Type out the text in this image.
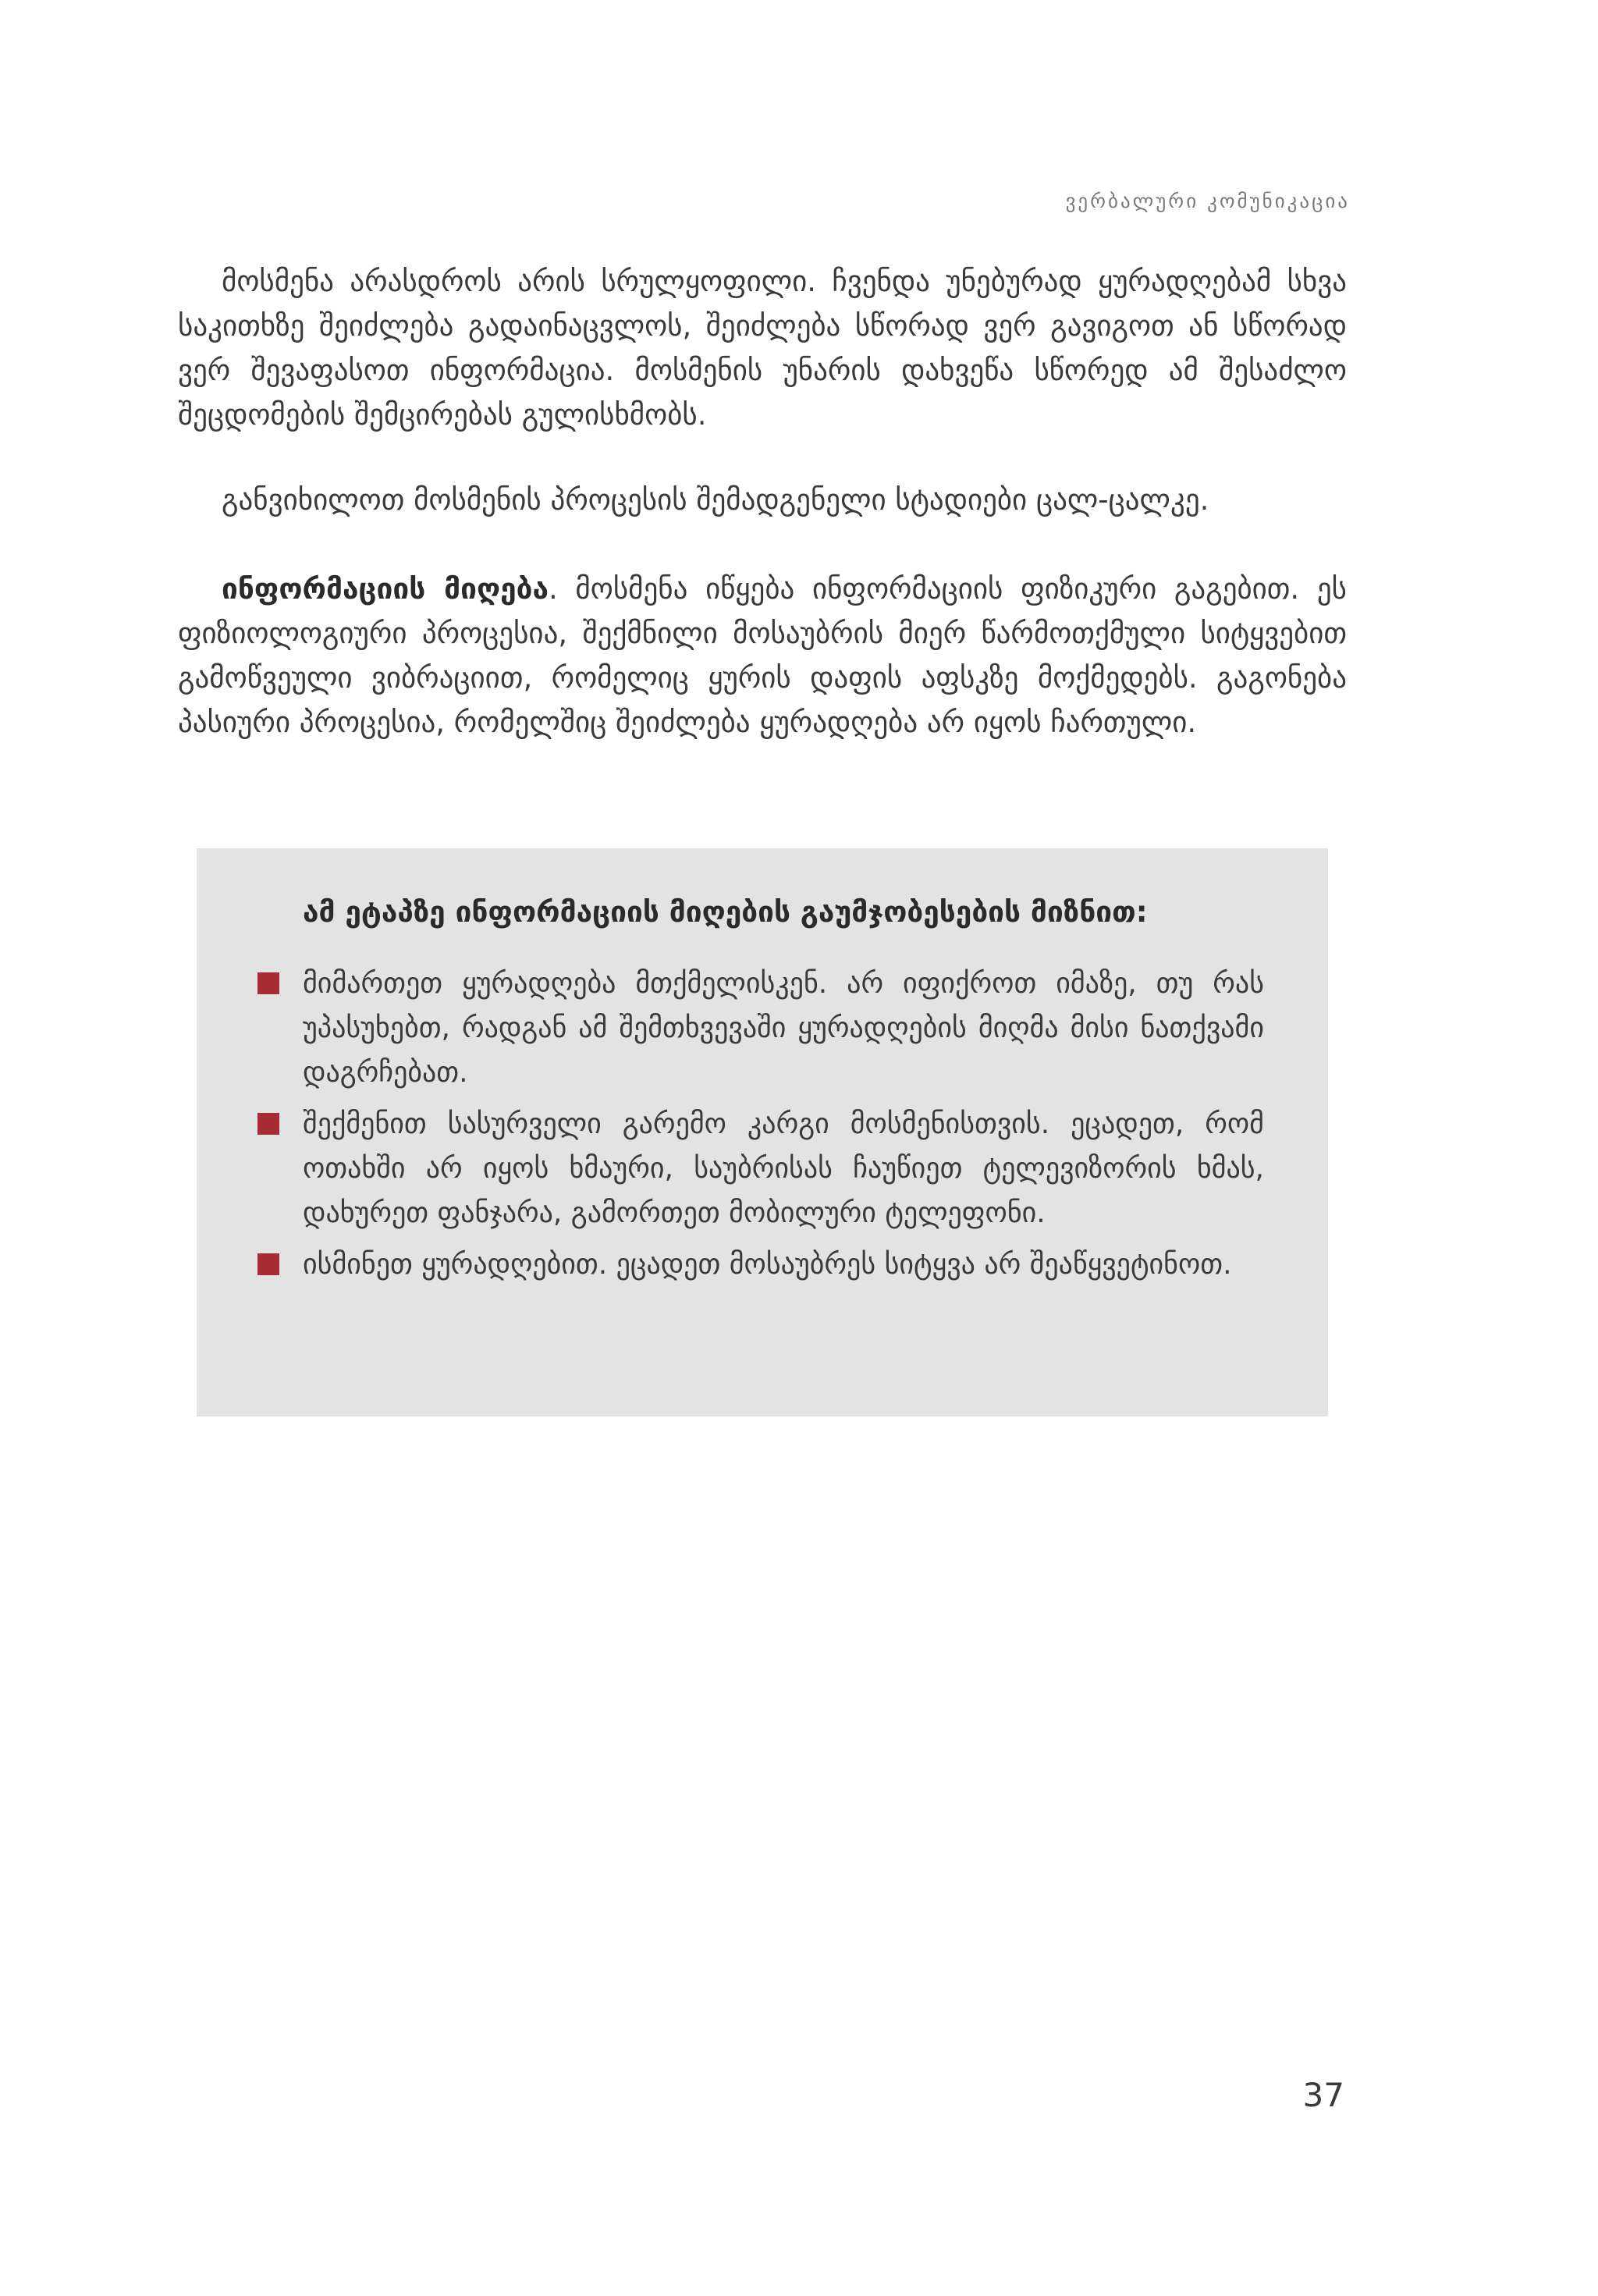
ვერბალური კომუნიკაცია

მოსმენა არასდროს არის სრულყოფილი. ჩვენდა უნებურად ყურადღებამ სხვა საკითხზე შეიძლება გადაინაცვლოს, შეიძლება სწორად ვერ გავიგოთ ან სწორად ვერ შევაფასოთ ინფორმაცია. მოსმენის უნარის დახვეწა სწორედ ამ შესაძლო შეცდომების შემცირებას გულისხმობს.

განვიხილოთ მოსმენის პროცესის შემადგენელი სტადიები ცალ-ცალკე.

ინფორმაციის მიღება. მოსმენა იწყება ინფორმაციის ფიზიკური გაგებით. ეს ფიზიოლოგიური პროცესია, შექმნილი მოსაუბრის მიერ წარმოთქმული სიტყვებით გამოწვეული ვიბრაციით, რომელიც ყურის დაფის აფსკზე მოქმედებს. გაგონება პასიური პროცესია, რომელშიც შეიძლება ყურადღება არ იყოს ჩართული.

ამ ეტაპზე ინფორმაციის მიღების გაუმჯობესების მიზნით:

მიმართეთ ყურადღება მთქმელისკენ. არ იფიქროთ იმაზე, თუ რას უპასუხებთ, რადგან ამ შემთხვევაში ყურადღების მიღმა მისი ნათქვამი დაგრჩებათ.
შექმენით სასურველი გარემო კარგი მოსმენისთვის. ეცადეთ, რომ ოთახში არ იყოს ხმაური, საუბრისას ჩაუწიეთ ტელევიზორის ხმას, დახურეთ ფანჯარა, გამორთეთ მობილური ტელეფონი.
ისმინეთ ყურადღებით. ეცადეთ მოსაუბრეს სიტყვა არ შეაწყვეტინოთ.
37
